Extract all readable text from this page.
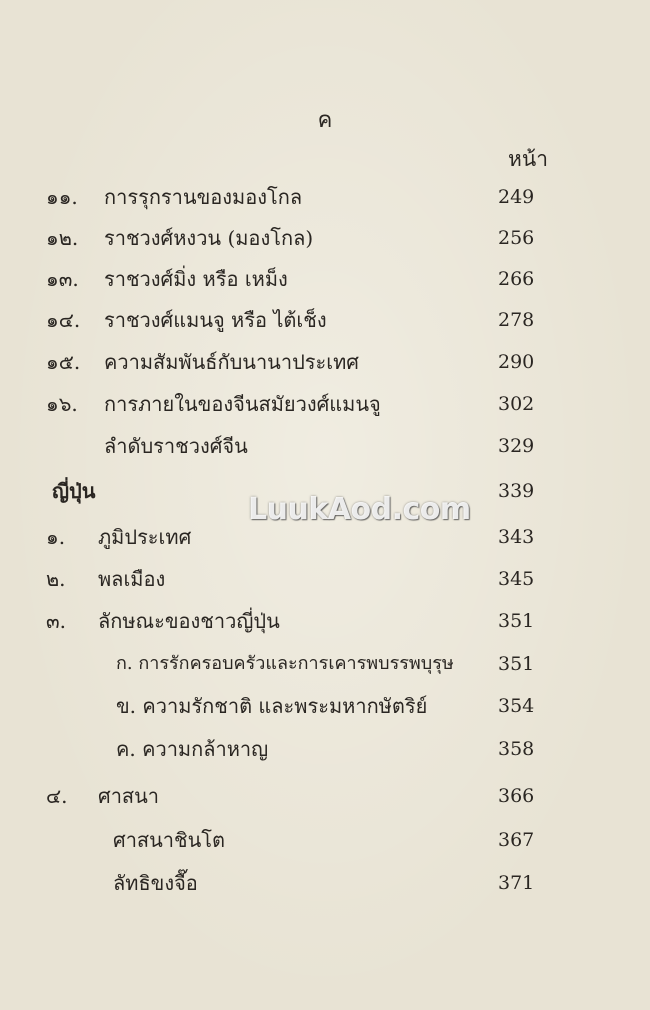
ค
หน้า
๑๑.	การรุกรานของมองโกล	249
๑๒.	ราชวงศ์หงวน (มองโกล)	256
๑๓.	ราชวงศ์มิ่ง หรือ เหม็ง	266
๑๔.	ราชวงศ์แมนจู หรือ ไต้เช็ง	278
๑๕.	ความสัมพันธ์กับนานาประเทศ	290
๑๖.	การภายในของจีนสมัยวงศ์แมนจู	302
ลำดับราชวงศ์จีน	329
ญี่ปุ่น	339
๑.	ภูมิประเทศ	343
๒.	พลเมือง	345
๓.	ลักษณะของชาวญี่ปุ่น	351
ก. การรักครอบครัวและการเคารพบรรพบุรุษ 351
ข. ความรักชาติ และพระมหากษัตริย์	354
ค. ความกล้าหาญ	358
๔.	ศาสนา	366
ศาสนาชินโต	367
ลัทธิขงจื๊อ	371
LuukAod.com
